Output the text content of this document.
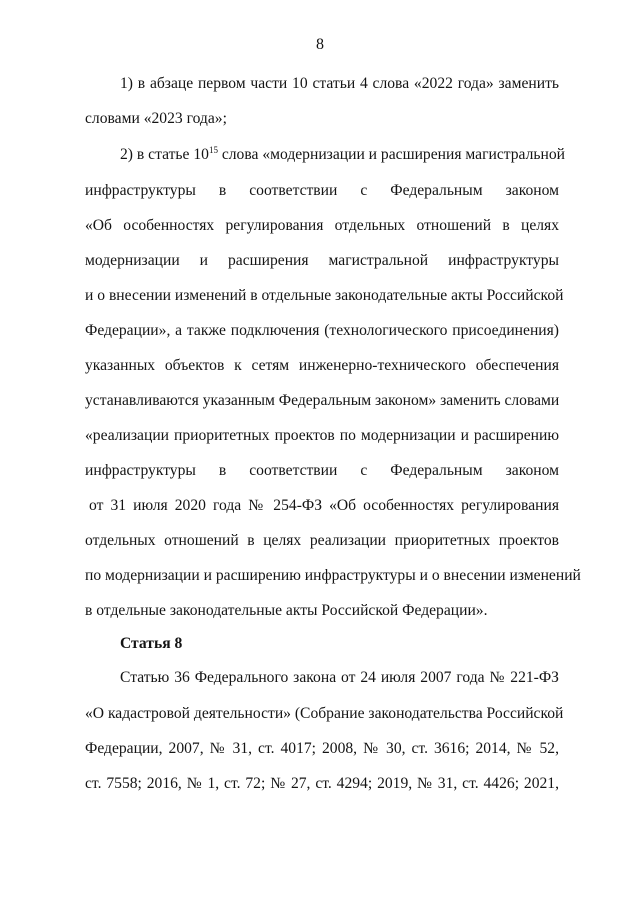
8
1) в абзаце первом части 10 статьи 4 слова «2022 года» заменить
словами «2023 года»;
2) в статье $10^{15}$ слова «модернизации и расширения магистральной
инфраструктуры в соответствии с Федеральным законом
«Об особенностях регулирования отдельных отношений в целях
модернизации и расширения магистральной инфраструктуры
и о внесении изменений в отдельные законодательные акты Российской
Федерации», а также подключения (технологического присоединения)
указанных объектов к сетям инженерно-технического обеспечения
устанавливаются указанным Федеральным законом» заменить словами
«реализации приоритетных проектов по модернизации и расширению
инфраструктуры в соответствии с Федеральным законом
от 31 июля 2020 года № 254-ФЗ «Об особенностях регулирования
отдельных отношений в целях реализации приоритетных проектов
по модернизации и расширению инфраструктуры и о внесении изменений
в отдельные законодательные акты Российской Федерации».
Статья 8
Статью 36 Федерального закона от 24 июля 2007 года № 221-ФЗ
«О кадастровой деятельности» (Собрание законодательства Российской
Федерации, 2007, № 31, ст. 4017; 2008, № 30, ст. 3616; 2014, № 52,
ст. 7558; 2016, № 1, ст. 72; № 27, ст. 4294; 2019, № 31, ст. 4426; 2021,
